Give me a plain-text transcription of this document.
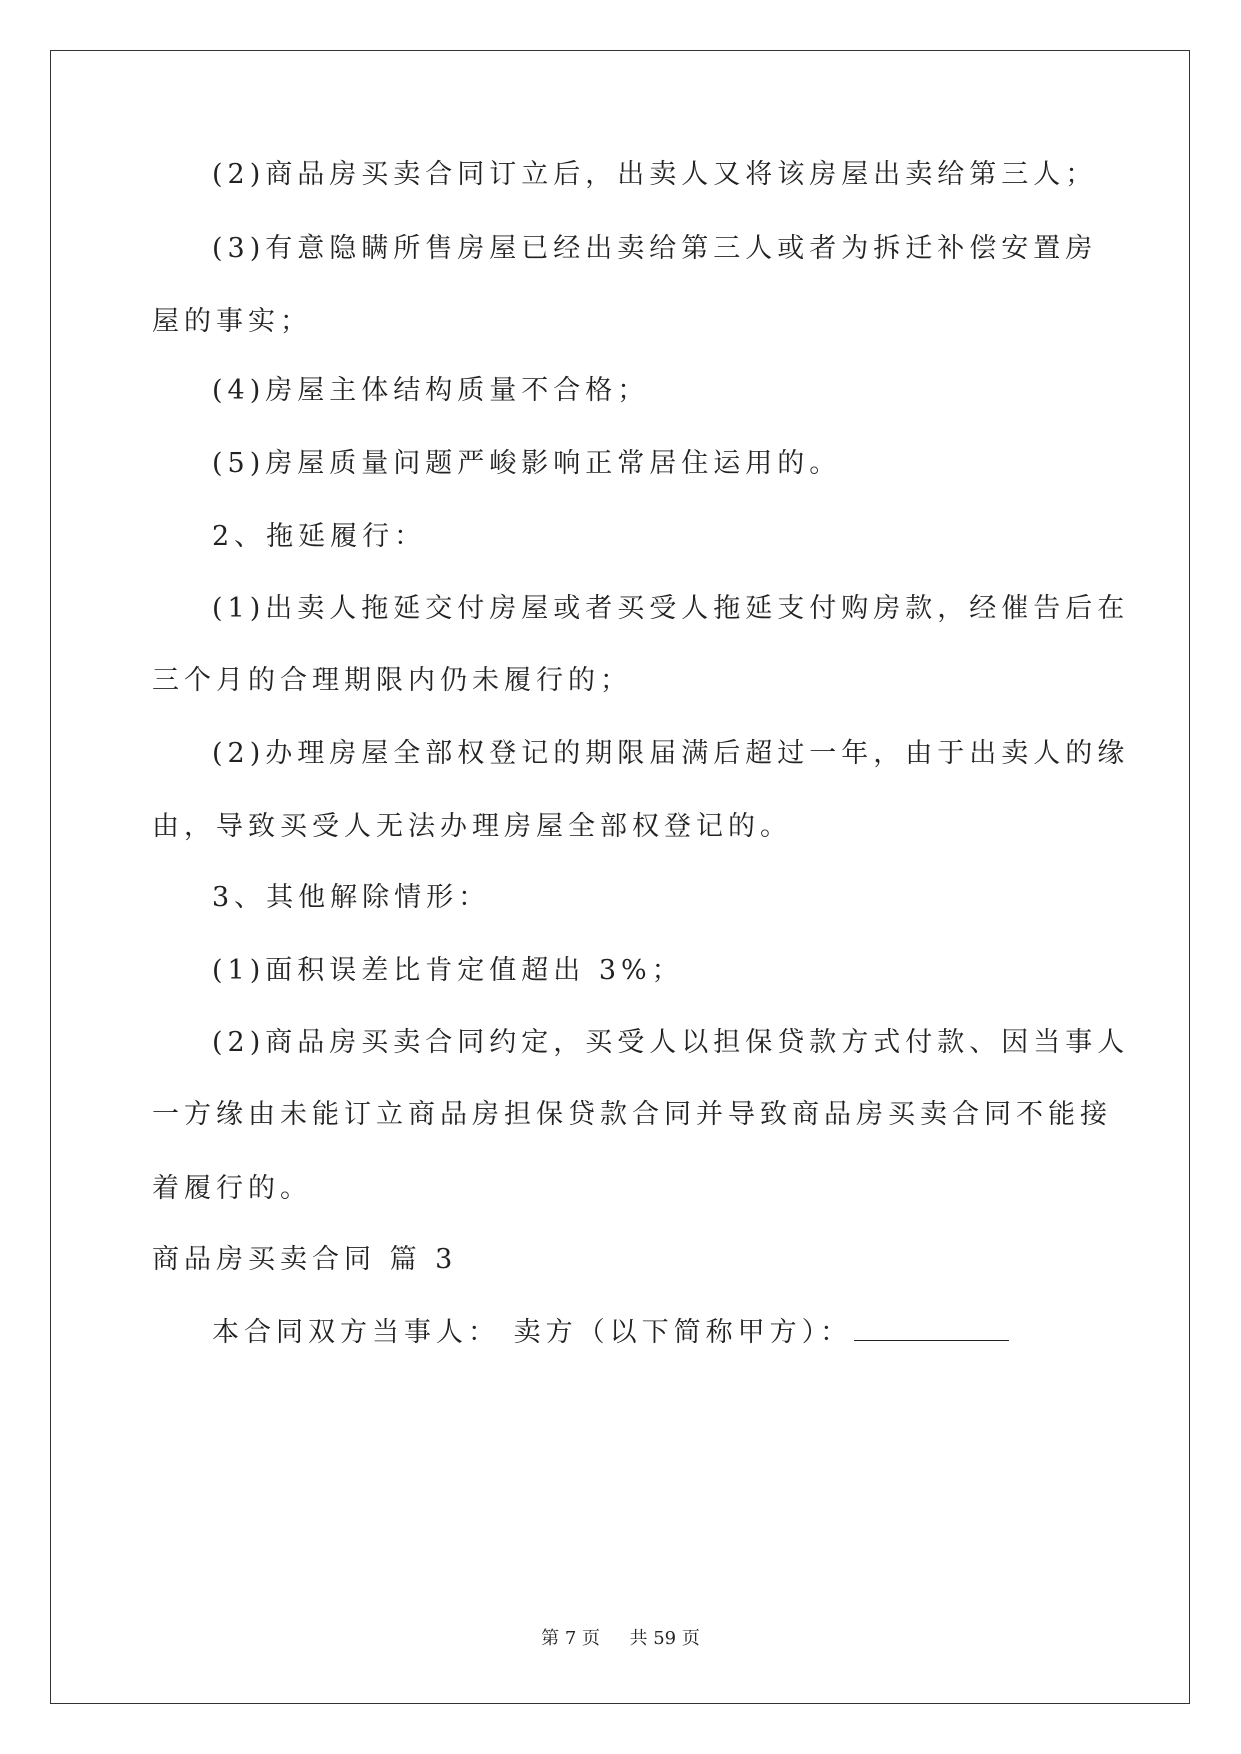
(2)商品房买卖合同订立后，出卖人又将该房屋出卖给第三人；
(3)有意隐瞒所售房屋已经出卖给第三人或者为拆迁补偿安置房
屋的事实；
(4)房屋主体结构质量不合格；
(5)房屋质量问题严峻影响正常居住运用的。
2、拖延履行：
(1)出卖人拖延交付房屋或者买受人拖延支付购房款，经催告后在
三个月的合理期限内仍未履行的；
(2)办理房屋全部权登记的期限届满后超过一年，由于出卖人的缘
由，导致买受人无法办理房屋全部权登记的。
3、其他解除情形：
(1)面积误差比肯定值超出 3%；
(2)商品房买卖合同约定，买受人以担保贷款方式付款、因当事人
一方缘由未能订立商品房担保贷款合同并导致商品房买卖合同不能接
着履行的。
商品房买卖合同 篇 3
本合同双方当事人： 卖方（以下简称甲方）：
第 7 页 共 59 页
